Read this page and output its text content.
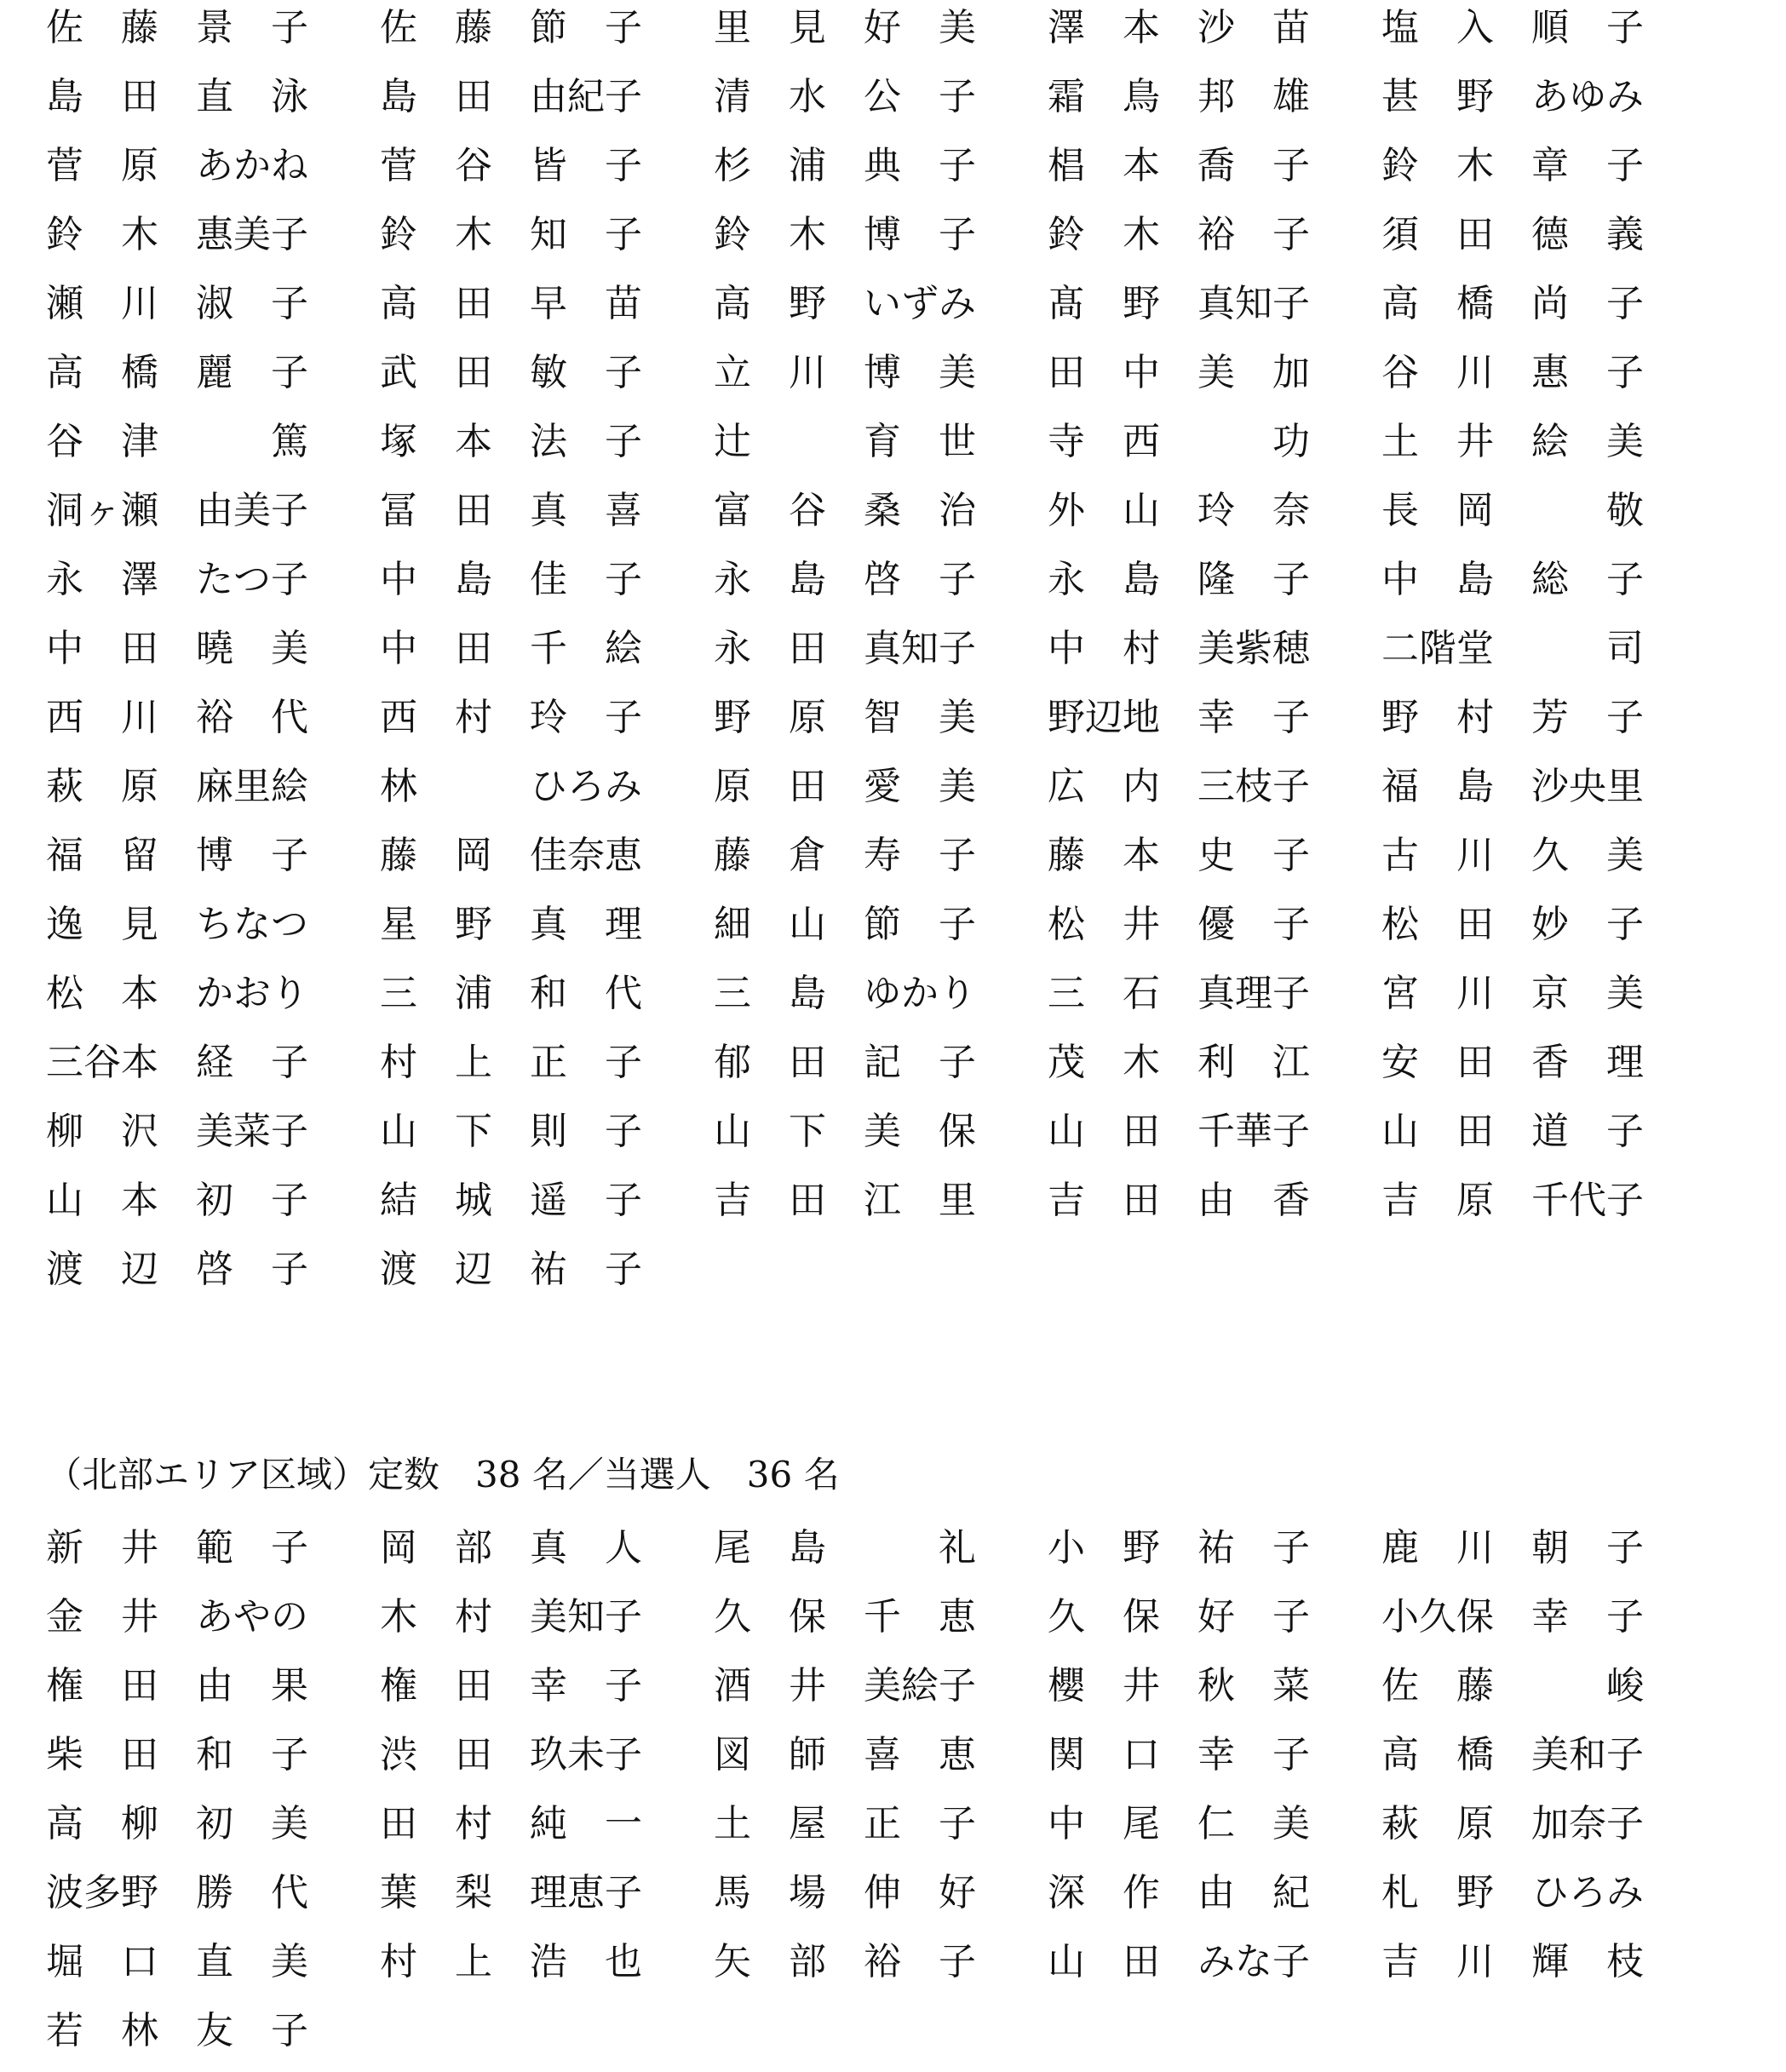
佐　藤　景　子 佐　藤　節　子 里　見　好　美 澤　本　沙　苗 塩　入　順　子
島　田　直　泳 島　田　由紀子 清　水　公　子 霜　鳥　邦　雄 甚　野　あゆみ
菅　原　あかね 菅　谷　皆　子 杉　浦　典　子 椙　本　喬　子 鈴　木　章　子
鈴　木　惠美子 鈴　木　知　子 鈴　木　博　子 鈴　木　裕　子 須　田　德　義
瀬　川　淑　子 高　田　早　苗 高　野　いずみ 髙　野　真知子 高　橋　尚　子
高　橋　麗　子 武　田　敏　子 立　川　博　美 田　中　美　加 谷　川　惠　子
谷　津　　　篤 塚　本　法　子 辻　　　育　世 寺　西　　　功 土　井　絵　美
洞ヶ瀬　由美子 冨　田　真　喜 富　谷　桑　治 外　山　玲　奈 長　岡　　　敬
永　澤　たつ子 中　島　佳　子 永　島　啓　子 永　島　隆　子 中　島　総　子
中　田　曉　美 中　田　千　絵 永　田　真知子 中　村　美紫穂 二階堂　　　司
西　川　裕　代 西　村　玲　子 野　原　智　美 野辺地　幸　子 野　村　芳　子
萩　原　麻里絵 林　　　ひろみ 原　田　愛　美 広　内　三枝子 福　島　沙央里
福　留　博　子 藤　岡　佳奈恵 藤　倉　寿　子 藤　本　史　子 古　川　久　美
逸　見　ちなつ 星　野　真　理 細　山　節　子 松　井　優　子 松　田　妙　子
松　本　かおり 三　浦　和　代 三　島　ゆかり 三　石　真理子 宮　川　京　美
三谷本　経　子 村　上　正　子 郁　田　記　子 茂　木　利　江 安　田　香　理
柳　沢　美菜子 山　下　則　子 山　下　美　保 山　田　千華子 山　田　道　子
山　本　初　子 結　城　遥　子 吉　田　江　里 吉　田　由　香 吉　原　千代子
渡　辺　啓　子 渡　辺　祐　子
（北部エリア区域）定数　38 名／当選人　36 名
新　井　範　子 岡　部　真　人 尾　島　　　礼 小　野　祐　子 鹿　川　朝　子
金　井　あやの 木　村　美知子 久　保　千　恵 久　保　好　子 小久保　幸　子
権　田　由　果 権　田　幸　子 酒　井　美絵子 櫻　井　秋　菜 佐　藤　　　峻
柴　田　和　子 渋　田　玖未子 図　師　喜　恵 関　口　幸　子 高　橋　美和子
高　柳　初　美 田　村　純　一 土　屋　正　子 中　尾　仁　美 萩　原　加奈子
波多野　勝　代 葉　梨　理恵子 馬　場　伸　好 深　作　由　紀 札　野　ひろみ
堀　口　直　美 村　上　浩　也 矢　部　裕　子 山　田　みな子 吉　川　輝　枝
若　林　友　子
